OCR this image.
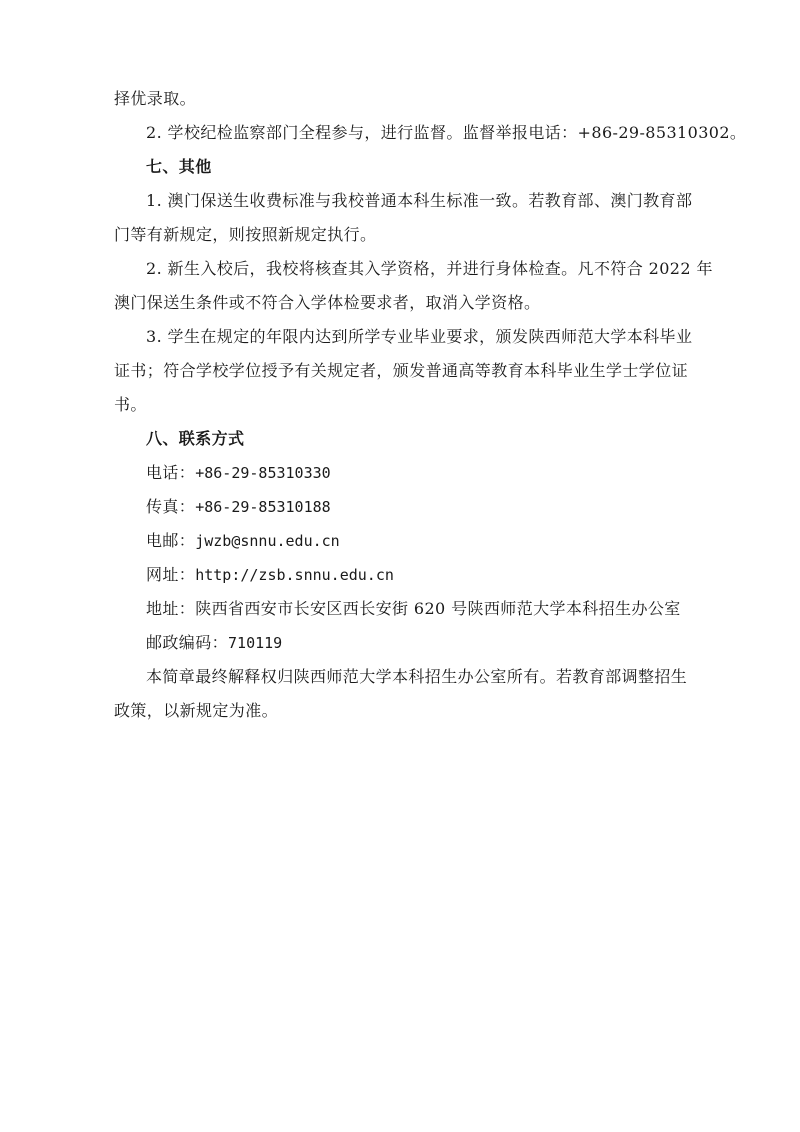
择优录取。
2. 学校纪检监察部门全程参与，进行监督。监督举报电话：+86-29-85310302。
七、其他
1. 澳门保送生收费标准与我校普通本科生标准一致。若教育部、澳门教育部
门等有新规定，则按照新规定执行。
2. 新生入校后，我校将核查其入学资格，并进行身体检查。凡不符合 2022 年
澳门保送生条件或不符合入学体检要求者，取消入学资格。
3. 学生在规定的年限内达到所学专业毕业要求，颁发陕西师范大学本科毕业
证书；符合学校学位授予有关规定者，颁发普通高等教育本科毕业生学士学位证
书。
八、联系方式
电话：+86-29-85310330
传真：+86-29-85310188
电邮：jwzb@snnu.edu.cn
网址：http://zsb.snnu.edu.cn
地址：陕西省西安市长安区西长安街 620 号陕西师范大学本科招生办公室
邮政编码：710119
本简章最终解释权归陕西师范大学本科招生办公室所有。若教育部调整招生
政策，以新规定为准。
